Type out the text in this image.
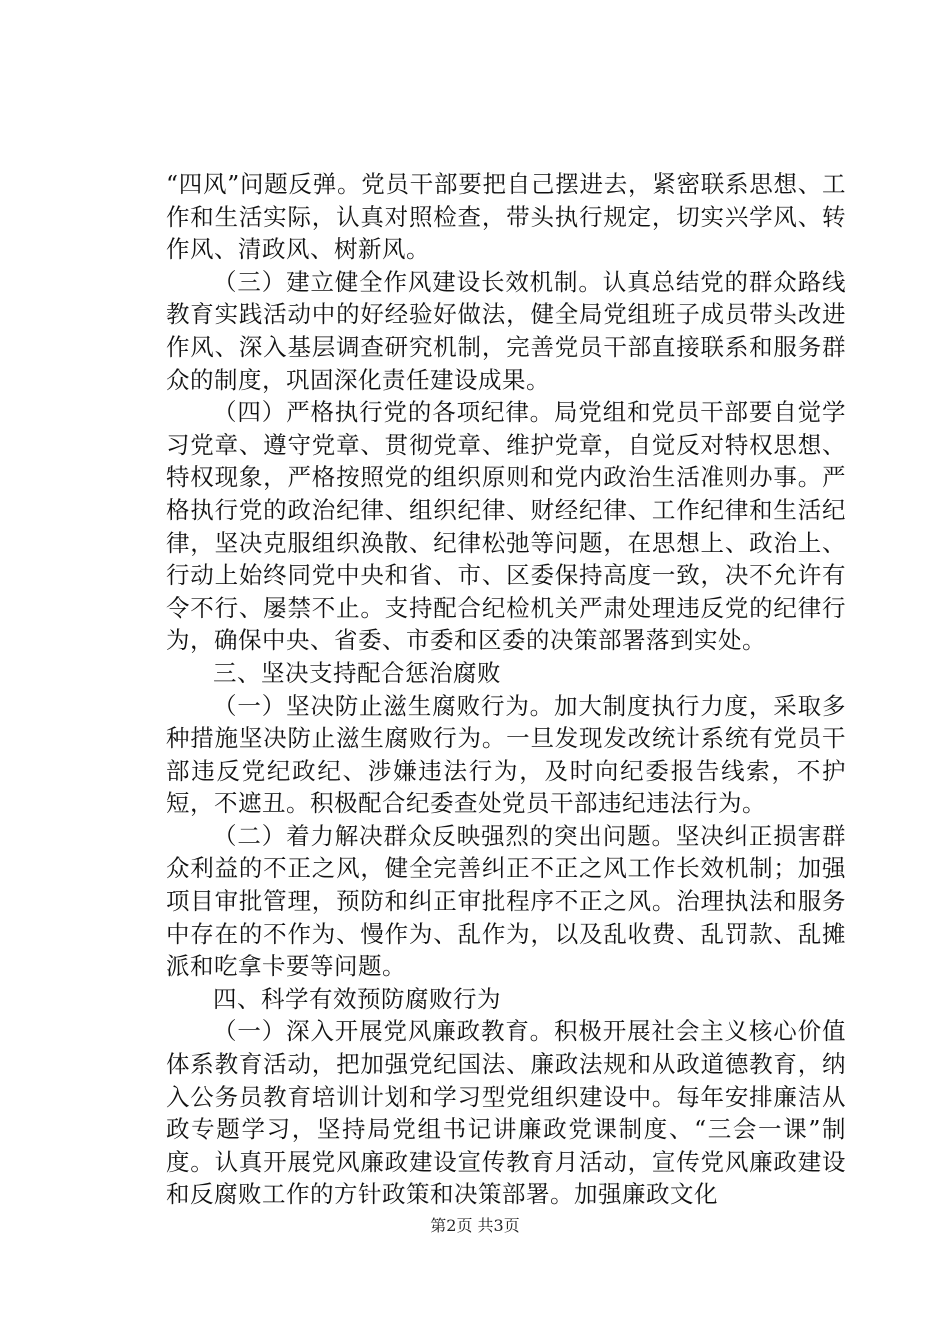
“四风”问题反弹。党员干部要把自己摆进去，紧密联系思想、工作和生活实际，认真对照检查，带头执行规定，切实兴学风、转作风、清政风、树新风。

（三）建立健全作风建设长效机制。认真总结党的群众路线教育实践活动中的好经验好做法，健全局党组班子成员带头改进作风、深入基层调查研究机制，完善党员干部直接联系和服务群众的制度，巩固深化责任建设成果。

（四）严格执行党的各项纪律。局党组和党员干部要自觉学习党章、遵守党章、贯彻党章、维护党章，自觉反对特权思想、特权现象，严格按照党的组织原则和党内政治生活准则办事。严格执行党的政治纪律、组织纪律、财经纪律、工作纪律和生活纪律，坚决克服组织涣散、纪律松弛等问题，在思想上、政治上、行动上始终同党中央和省、市、区委保持高度一致，决不允许有令不行、屡禁不止。支持配合纪检机关严肃处理违反党的纪律行为，确保中央、省委、市委和区委的决策部署落到实处。

三、坚决支持配合惩治腐败

（一）坚决防止滋生腐败行为。加大制度执行力度，采取多种措施坚决防止滋生腐败行为。一旦发现发改统计系统有党员干部违反党纪政纪、涉嫌违法行为，及时向纪委报告线索，不护短，不遮丑。积极配合纪委查处党员干部违纪违法行为。

（二）着力解决群众反映强烈的突出问题。坚决纠正损害群众利益的不正之风，健全完善纠正不正之风工作长效机制；加强项目审批管理，预防和纠正审批程序不正之风。治理执法和服务中存在的不作为、慢作为、乱作为，以及乱收费、乱罚款、乱摊派和吃拿卡要等问题。

四、科学有效预防腐败行为

（一）深入开展党风廉政教育。积极开展社会主义核心价值体系教育活动，把加强党纪国法、廉政法规和从政道德教育，纳入公务员教育培训计划和学习型党组织建设中。每年安排廉洁从政专题学习，坚持局党组书记讲廉政党课制度、“三会一课”制度。认真开展党风廉政建设宣传教育月活动，宣传党风廉政建设和反腐败工作的方针政策和决策部署。加强廉政文化

第2页 共3页
